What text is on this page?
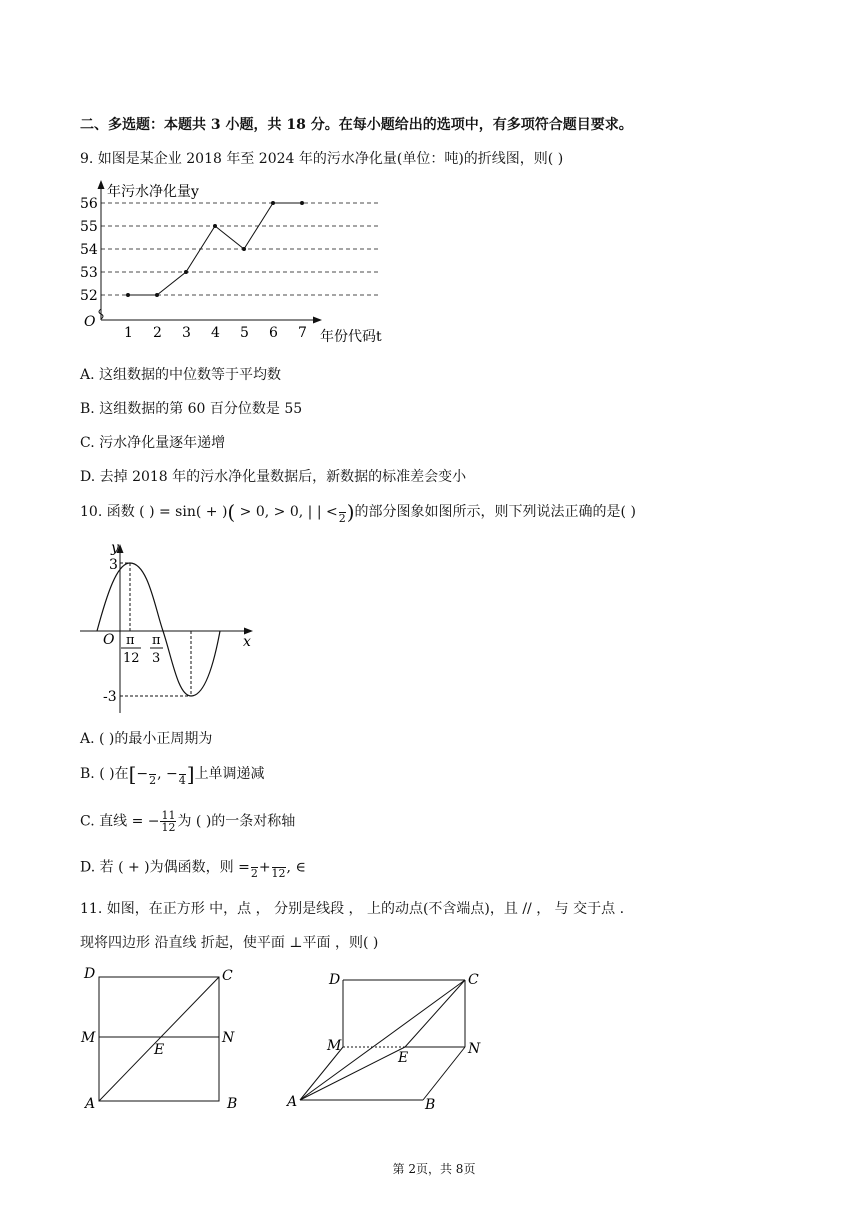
二、多选题：本题共 3 小题，共 18 分。在每小题给出的选项中，有多项符合题目要求。
9. 如图是某企业 2018 年至 2024 年的污水净化量(单位：吨)的折线图，则( )
O
年污水净化量y
年份代码t
52
53
54
55
56
1 2 3 4 5 6 7
A. 这组数据的中位数等于平均数
B. 这组数据的第 60 百分位数是 55
C. 污水净化量逐年递增
D. 去掉 2018 年的污水净化量数据后，新数据的标准差会变小
10. 函数 ( ) = sin( + )( > 0, > 0, | | <
2 )的部分图象如图所示，则下列说法正确的是( )
y
x
O
3
-3
π
12
π
3
A. ( )的最小正周期为
B. ( )在[−
2 , −
4 ]上单调递减
C. 直线 = − $\frac{11}{12}$ 为 ( )的一条对称轴
D. 若 ( + )为偶函数，则 =
2 +
12 , ∈
11. 如图，在正方形 中，点 ， 分别是线段 ， 上的动点(不含端点)，且 // ， 与 交于点 .
现将四边形 沿直线 折起，使平面 ⊥平面 ，则( )
D	C
M	N
E
A	B
D	C
M	N
E
A	B
第 2页，共 8页
